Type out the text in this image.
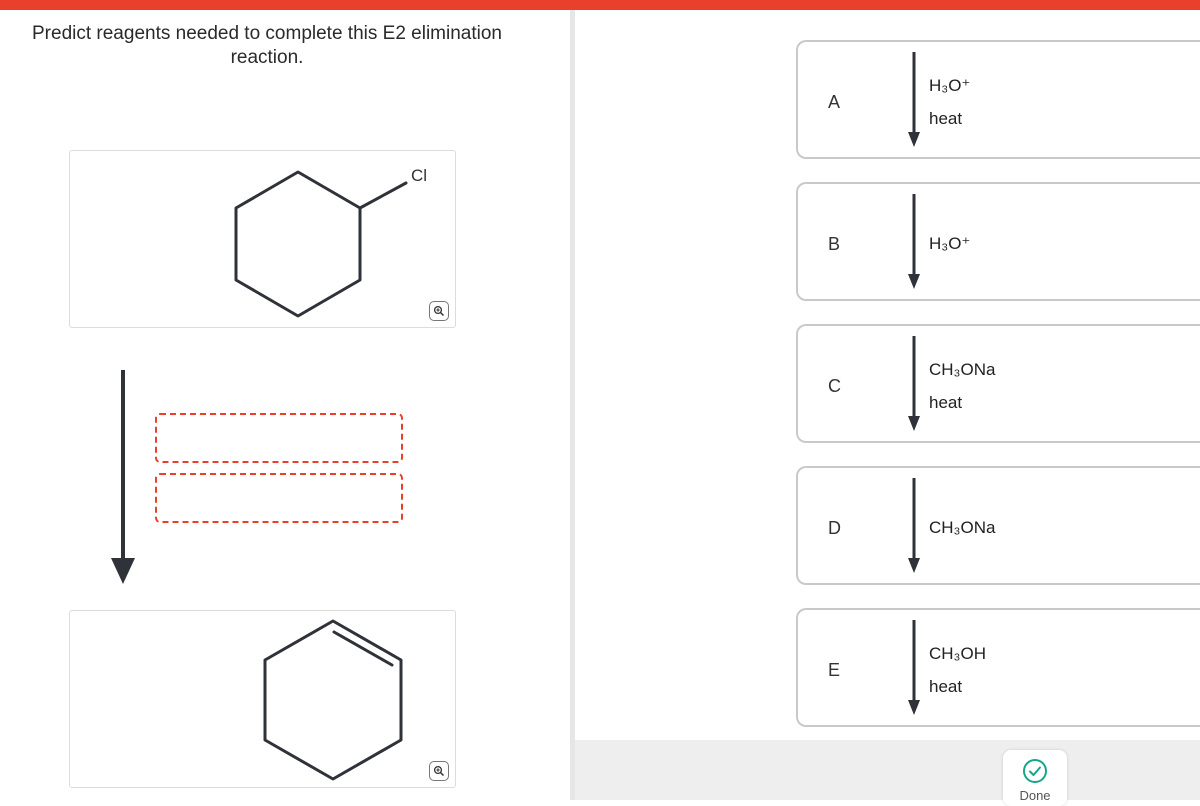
Predict reagents needed to complete this E2 elimination reaction.
Cl
A
H₃O⁺
heat
B	H₃O⁺
C
CH₃ONa
heat
D	CH₃ONa
E
CH₃OH
heat
Done
